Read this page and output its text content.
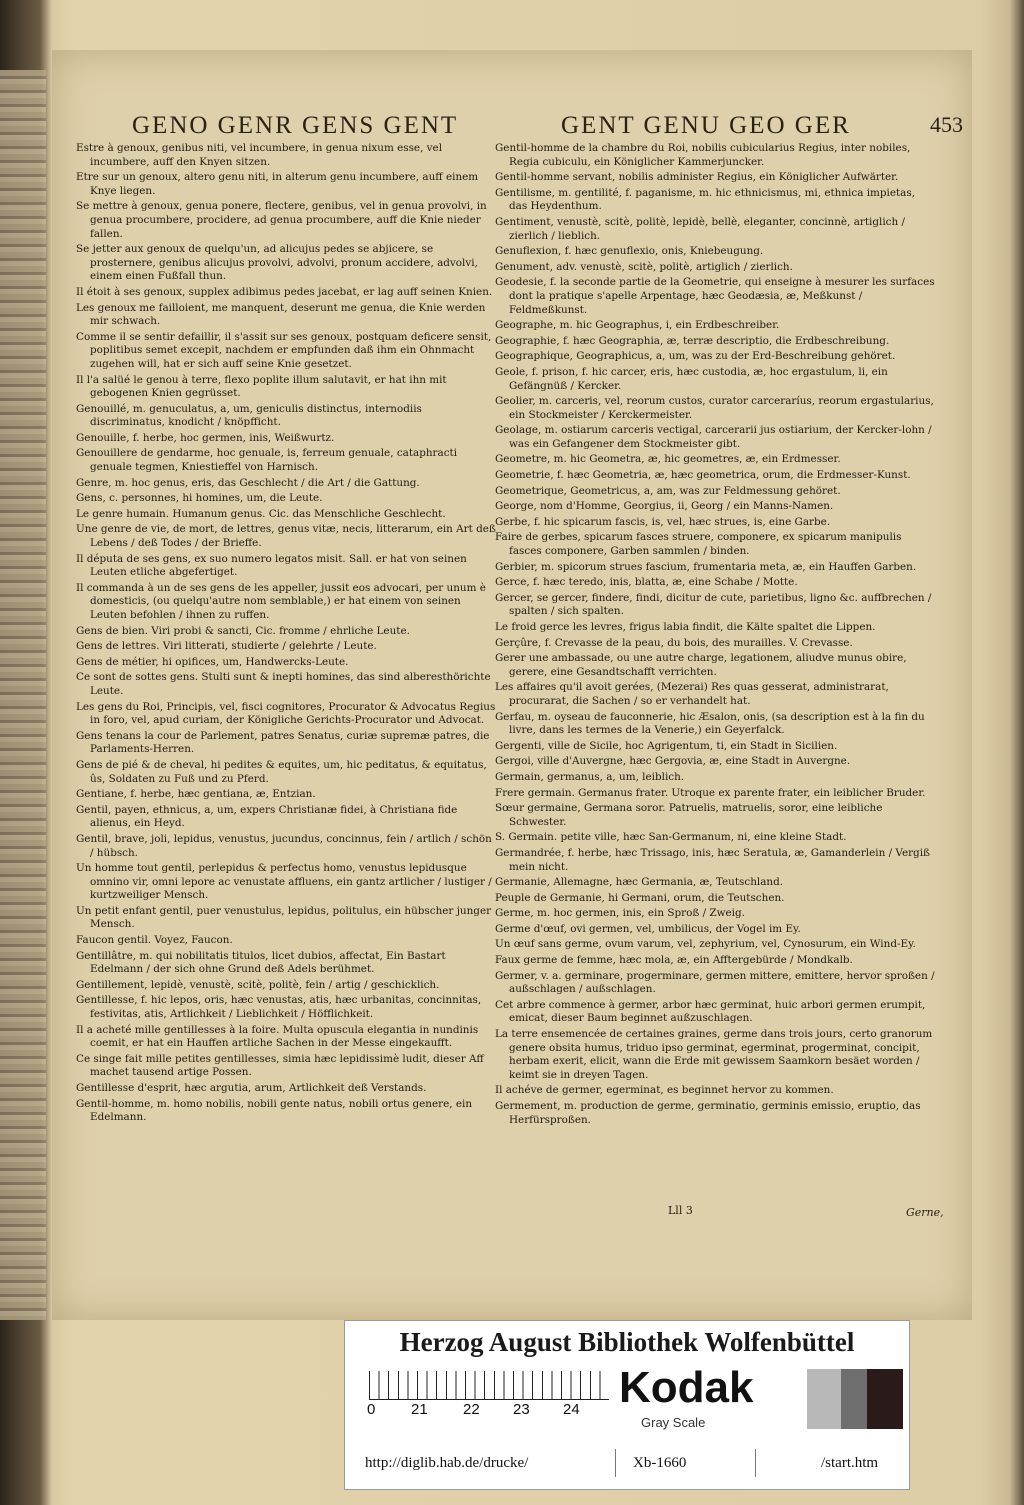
GENO GENR GENS GENT
Estre à genoux, genibus niti, vel incumbere, in genua nixum esse, vel incumbere, auff den Knyen sitzen.
Etre sur un genoux, altero genu niti, in alterum genu incumbere, auff einem Knye liegen.
Se mettre à genoux, genua ponere, flectere, genibus, vel in genua provolvi, in genua procumbere, procidere, ad genua procumbere, auff die Knie nieder fallen.
Se jetter aux genoux de quelqu'un, ad alicujus pedes se abjicere, se prosternere, genibus alicujus provolvi, advolvi, pronum accidere, advolvi, einem einen Fußfall thun.
Il étoit à ses genoux, supplex adibimus pedes jacebat, er lag auff seinen Knien.
Les genoux me failloient, me manquent, deserunt me genua, die Knie werden mir schwach.
Comme il se sentir defaillir, il s'assit sur ses genoux, postquam deficere sensit, poplitibus semet excepit, nachdem er empfunden daß ihm ein Ohnmacht zugehen will, hat er sich auff seine Knie gesetzet.
Il l'a salüé le genou à terre, flexo poplite illum salutavit, er hat ihn mit gebogenen Knien gegrüsset.
Genouillé, m. genuculatus, a, um, geniculis distinctus, internodiis discriminatus, knodicht / knöpfficht.
Genouille, f. herbe, hoc germen, inis, Weißwurtz.
Genouillere de gendarme, hoc genuale, is, ferreum genuale, cataphracti genuale tegmen, Kniestieffel von Harnisch.
Genre, m. hoc genus, eris, das Geschlecht / die Art / die Gattung.
Gens, c. personnes, hi homines, um, die Leute.
Le genre humain. Humanum genus. Cic. das Menschliche Geschlecht.
Une genre de vie, de mort, de lettres, genus vitæ, necis, litterarum, ein Art deß Lebens / deß Todes / der Brieffe.
Il députa de ses gens, ex suo numero legatos misit. Sall. er hat von seinen Leuten etliche abgefertiget.
Il commanda à un de ses gens de les appeller, jussit eos advocari, per unum è domesticis, (ou quelqu'autre nom semblable,) er hat einem von seinen Leuten befohlen / ihnen zu ruffen.
Gens de bien. Viri probi & sancti, Cic. fromme / ehrliche Leute.
Gens de lettres. Viri litterati, studierte / gelehrte / Leute.
Gens de métier, hi opifices, um, Handwercks-Leute.
Ce sont de sottes gens. Stulti sunt & inepti homines, das sind alberesthörichte Leute.
Les gens du Roi, Principis, vel, fisci cognitores, Procurator & Advocatus Regius in foro, vel, apud curiam, der Königliche Gerichts-Procurator und Advocat.
Gens tenans la cour de Parlement, patres Senatus, curiæ supremæ patres, die Parlaments-Herren.
Gens de pié & de cheval, hi pedites & equites, um, hic peditatus, & equitatus, ûs, Soldaten zu Fuß und zu Pferd.
Gentiane, f. herbe, hæc gentiana, æ, Entzian.
Gentil, payen, ethnicus, a, um, expers Christianæ fidei, à Christiana fide alienus, ein Heyd.
Gentil, brave, joli, lepidus, venustus, jucundus, concinnus, fein / artlich / schön / hübsch.
Un homme tout gentil, perlepidus & perfectus homo, venustus lepidusque omnino vir, omni lepore ac venustate affluens, ein gantz artlicher / lustiger / kurtzweiliger Mensch.
Un petit enfant gentil, puer venustulus, lepidus, politulus, ein hübscher junger Mensch.
Faucon gentil. Voyez, Faucon.
Gentillâtre, m. qui nobilitatis titulos, licet dubios, affectat, Ein Bastart Edelmann / der sich ohne Grund deß Adels berühmet.
Gentillement, lepidè, venustè, scitè, politè, fein / artig / geschicklich.
Gentillesse, f. hic lepos, oris, hæc venustas, atis, hæc urbanitas, concinnitas, festivitas, atis, Artlichkeit / Lieblichkeit / Höfflichkeit.
Il a acheté mille gentillesses à la foire. Multa opuscula elegantia in nundinis coemit, er hat ein Hauffen artliche Sachen in der Messe eingekaufft.
Ce singe fait mille petites gentillesses, simia hæc lepidissimè ludit, dieser Aff machet tausend artige Possen.
Gentillesse d'esprit, hæc argutia, arum, Artlichkeit deß Verstands.
Gentil-homme, m. homo nobilis, nobili gente natus, nobili ortus genere, ein Edelmann.
GENT GENU GEO GER
Gentil-homme de la chambre du Roi, nobilis cubicularius Regius, inter nobiles, Regia cubiculu, ein Königlicher Kammerjuncker.
Gentil-homme servant, nobilis administer Regius, ein Königlicher Aufwärter.
Gentilisme, m. gentilité, f. paganisme, m. hic ethnicismus, mi, ethnica impietas, das Heydenthum.
Gentiment, venustè, scitè, politè, lepidè, bellè, eleganter, concinnè, artiglich / zierlich / lieblich.
Genuflexion, f. hæc genuflexio, onis, Kniebeugung.
Genument, adv. venustè, scitè, politè, artiglich / zierlich.
Geodesie, f. la seconde partie de la Geometrie, qui enseigne à mesurer les surfaces dont la pratique s'apelle Arpentage, hæc Geodæsia, æ, Meßkunst / Feldmeßkunst.
Geographe, m. hic Geographus, i, ein Erdbeschreiber.
Geographie, f. hæc Geographia, æ, terræ descriptio, die Erdbeschreibung.
Geographique, Geographicus, a, um, was zu der Erd-Beschreibung gehöret.
Geole, f. prison, f. hic carcer, eris, hæc custodia, æ, hoc ergastulum, li, ein Gefängnüß / Kercker.
Geolier, m. carceris, vel, reorum custos, curator carceraríus, reorum ergastularius, ein Stockmeister / Kerckermeister.
Geolage, m. ostiarum carceris vectigal, carcerarii jus ostiarium, der Kercker-lohn / was ein Gefangener dem Stockmeister gibt.
Geometre, m. hic Geometra, æ, hic geometres, æ, ein Erdmesser.
Geometrie, f. hæc Geometria, æ, hæc geometrica, orum, die Erdmesser-Kunst.
Geometrique, Geometricus, a, am, was zur Feldmessung gehöret.
George, nom d'Homme, Georgius, ii, Georg / ein Manns-Namen.
Gerbe, f. hic spicarum fascis, is, vel, hæc strues, is, eine Garbe.
Faire de gerbes, spicarum fasces struere, componere, ex spicarum manipulis fasces componere, Garben sammlen / binden.
Gerbier, m. spicorum strues fascium, frumentaria meta, æ, ein Hauffen Garben.
Gerce, f. hæc teredo, inis, blatta, æ, eine Schabe / Motte.
Gercer, se gercer, findere, findi, dicitur de cute, parietibus, ligno &c. auffbrechen / spalten / sich spalten.
Le froid gerce les levres, frigus labia findit, die Kälte spaltet die Lippen.
Gerçûre, f. Crevasse de la peau, du bois, des murailles. V. Crevasse.
Gerer une ambassade, ou une autre charge, legationem, aliudve munus obire, gerere, eine Gesandtschafft verrichten.
Les affaires qu'il avoit gerées, (Mezerai) Res quas gesserat, administrarat, procurarat, die Sachen / so er verhandelt hat.
Gerfau, m. oyseau de fauconnerie, hic Æsalon, onis, (sa description est à la fin du livre, dans les termes de la Venerie,) ein Geyerfalck.
Gergenti, ville de Sicile, hoc Agrigentum, ti, ein Stadt in Sicilien.
Gergoi, ville d'Auvergne, hæc Gergovia, æ, eine Stadt in Auvergne.
Germain, germanus, a, um, leiblich.
Frere germain. Germanus frater. Utroque ex parente frater, ein leiblicher Bruder.
Sœur germaine, Germana soror. Patruelis, matruelis, soror, eine leibliche Schwester.
S. Germain. petite ville, hæc San-Germanum, ni, eine kleine Stadt.
Germandrée, f. herbe, hæc Trissago, inis, hæc Seratula, æ, Gamanderlein / Vergiß mein nicht.
Germanie, Allemagne, hæc Germania, æ, Teutschland.
Peuple de Germanie, hi Germani, orum, die Teutschen.
Germe, m. hoc germen, inis, ein Sproß / Zweig.
Germe d'œuf, ovi germen, vel, umbilicus, der Vogel im Ey.
Un œuf sans germe, ovum varum, vel, zephyrium, vel, Cynosurum, ein Wind-Ey.
Faux germe de femme, hæc mola, æ, ein Afftergebürde / Mondkalb.
Germer, v. a. germinare, progerminare, germen mittere, emittere, hervor sproßen / außschlagen / außschlagen.
Cet arbre commence à germer, arbor hæc germinat, huic arbori germen erumpit, emicat, dieser Baum beginnet außzuschlagen.
La terre ensemencée de certaines graines, germe dans trois jours, certo granorum genere obsita humus, triduo ipso germinat, egerminat, progerminat, concipit, herbam exerit, elicit, wann die Erde mit gewissem Saamkorn besäet worden / keimt sie in dreyen Tagen.
Il achéve de germer, egerminat, es beginnet hervor zu kommen.
Germement, m. production de germe, germinatio, germinis emissio, eruptio, das Herfürsproßen.
453
Lll 3	Gerne,
Herzog August Bibliothek Wolfenbüttel
0 21 22 23 24 Kodak
Gray Scale
http://diglib.hab.de/drucke/	Xb-1660	/start.htm
